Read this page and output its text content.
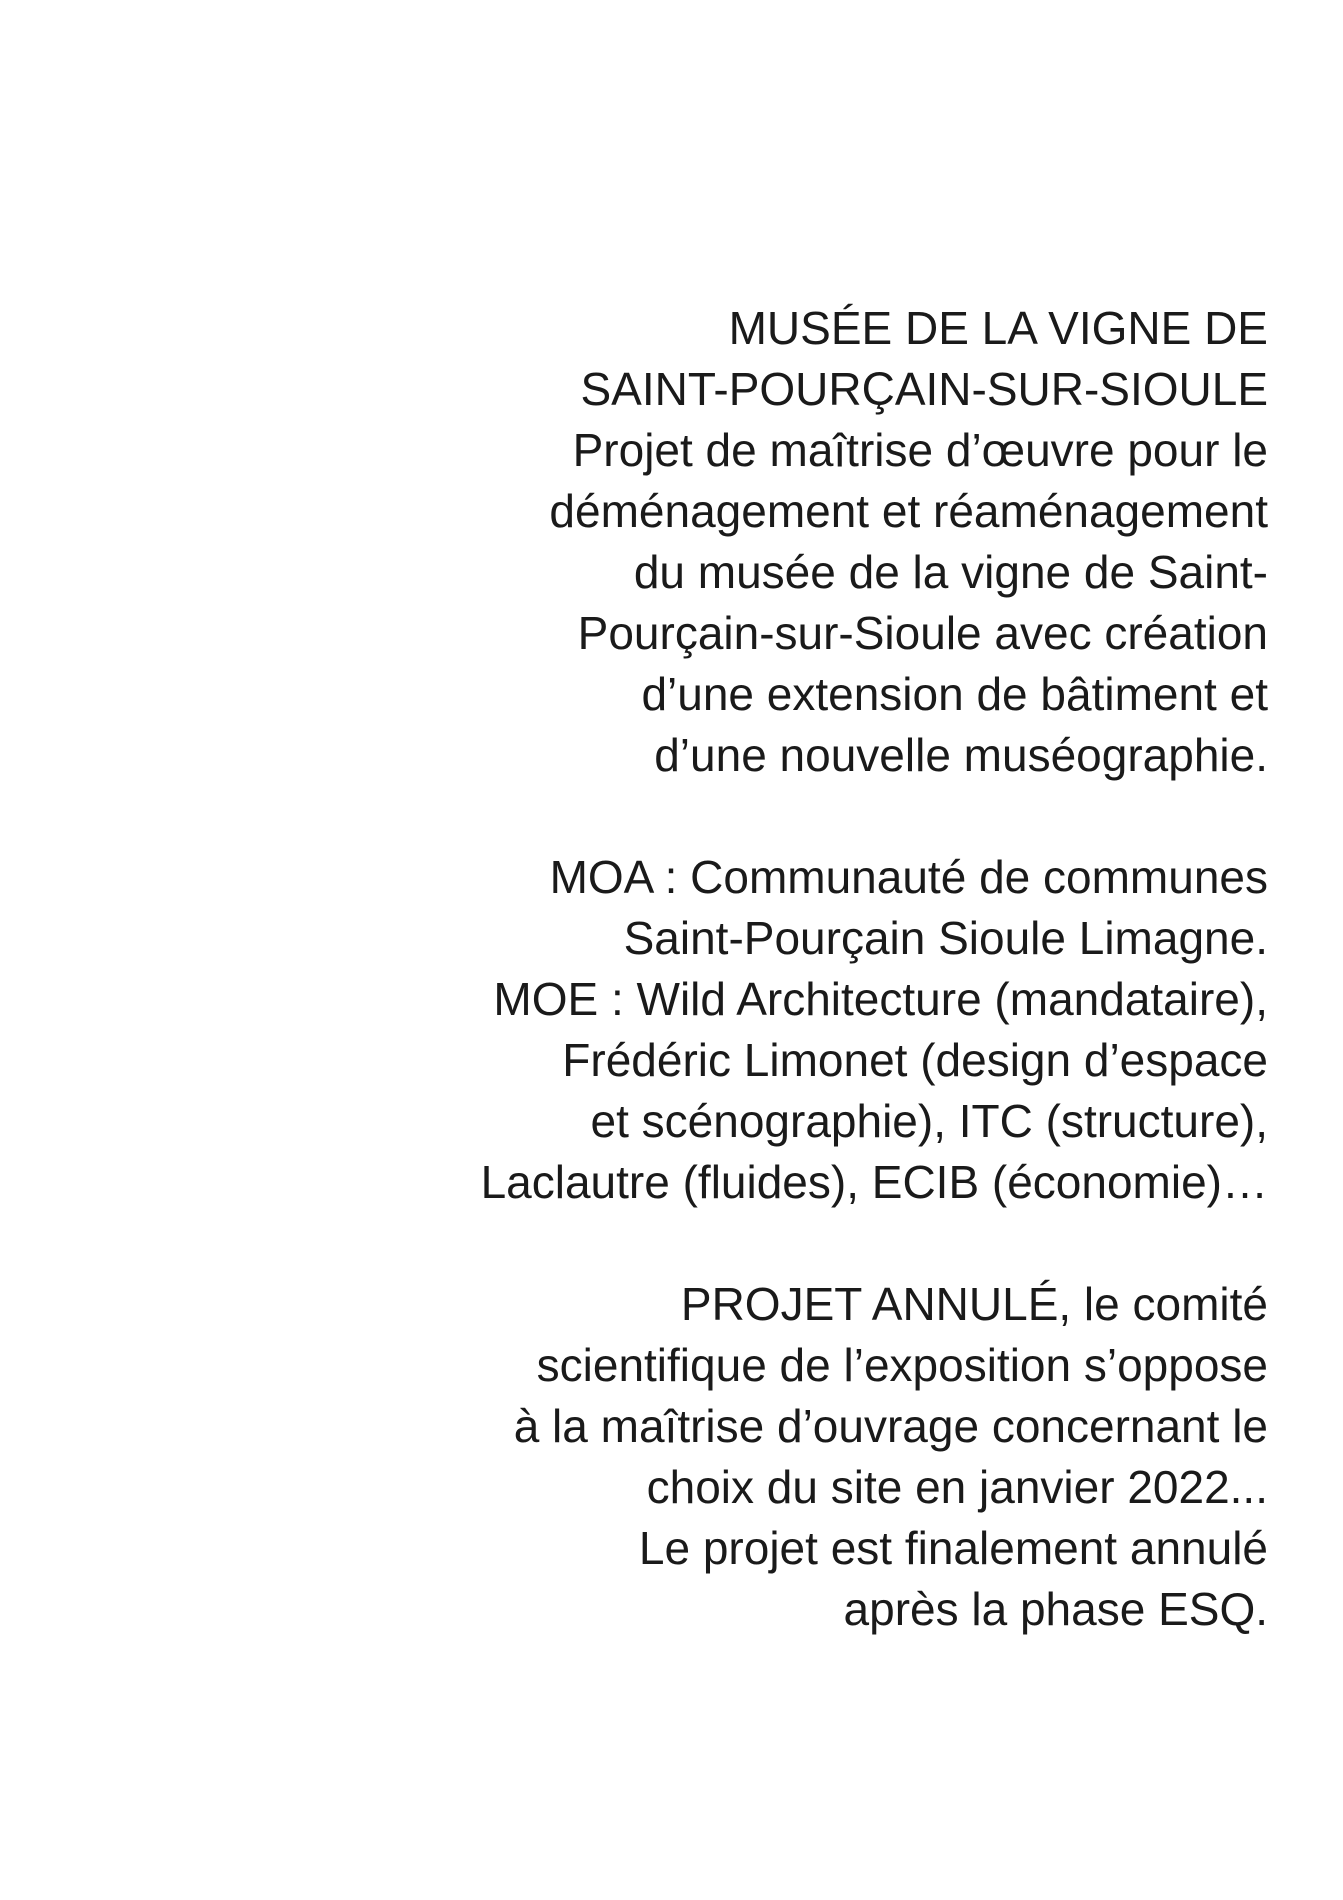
MUSÉE DE LA VIGNE DE
SAINT-POURÇAIN-SUR-SIOULE
Projet de maîtrise d’œuvre pour le
déménagement et réaménagement
du musée de la vigne de Saint-
Pourçain-sur-Sioule avec création
d’une extension de bâtiment et
d’une nouvelle muséographie.

MOA : Communauté de communes
Saint-Pourçain Sioule Limagne.
MOE : Wild Architecture (mandataire),
Frédéric Limonet (design d’espace
et scénographie), ITC (structure),
Laclautre (fluides), ECIB (économie)…

PROJET ANNULÉ, le comité
scientifique de l’exposition s’oppose
à la maîtrise d’ouvrage concernant le
choix du site en janvier 2022...
Le projet est finalement annulé
après la phase ESQ.
